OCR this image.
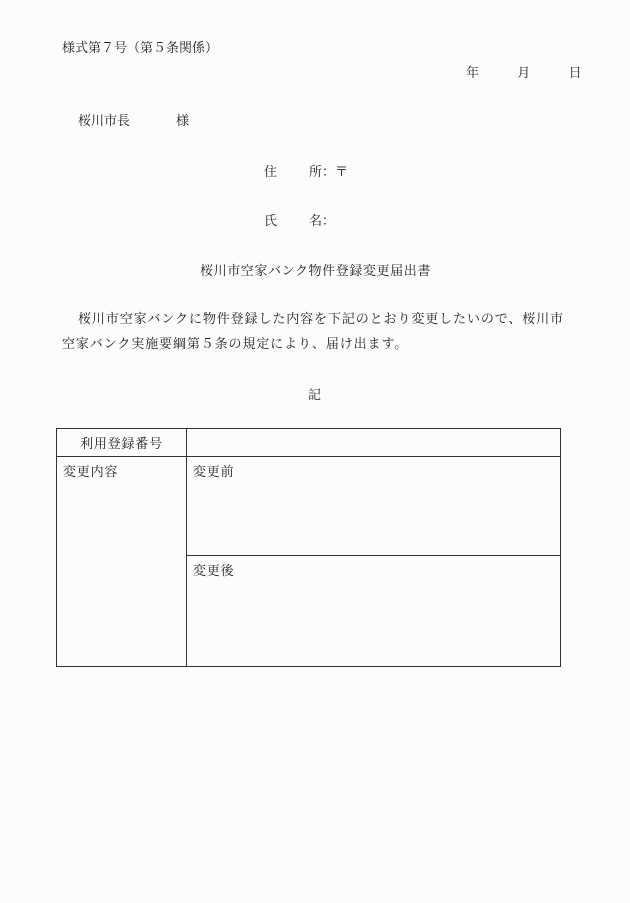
様式第７号（第５条関係）
年	月	日
桜川市長	様
住 所：〒
氏 名：
桜川市空家バンク物件登録変更届出書
桜川市空家バンクに物件登録した内容を下記のとおり変更したいので、桜川市空家バンク実施要綱第５条の規定により、届け出ます。
記
利用登録番号	

変更内容	変更前

	変更後
